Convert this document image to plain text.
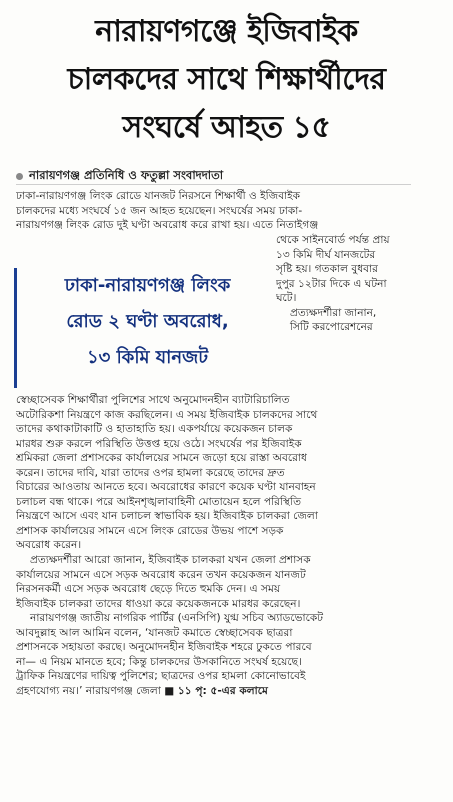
নারায়ণগঞ্জে ইজিবাইক
চালকদের সাথে শিক্ষার্থীদের
সংঘর্ষে আহত ১৫
নারায়ণগঞ্জ প্রতিনিধি ও ফতুল্লা সংবাদদাতা
ঢাকা-নারায়ণগঞ্জ লিংক রোডে যানজট নিরসনে শিক্ষার্থী ও ইজিবাইক
চালকদের মধ্যে সংঘর্ষে ১৫ জন আহত হয়েছেন। সংঘর্ষের সময় ঢাকা-
নারায়ণগঞ্জ লিংক রোড দুই ঘণ্টা অবরোধ করে রাখা হয়। এতে নিতাইগঞ্জ
ঢাকা-নারায়ণগঞ্জ লিংক
রোড ২ ঘণ্টা অবরোধ,
১৩ কিমি যানজট
থেকে সাইনবোর্ড পর্যন্ত প্রায়
১৩ কিমি দীর্ঘ যানজটের
সৃষ্টি হয়। গতকাল বুধবার
দুপুর ১২টার দিকে এ ঘটনা
ঘটে।
প্রত্যক্ষদর্শীরা জানান,
সিটি করপোরেশনের
স্বেচ্ছাসেবক শিক্ষার্থীরা পুলিশের সাথে অনুমোদনহীন ব্যাটারিচালিত
অটোরিকশা নিয়ন্ত্রণে কাজ করছিলেন। এ সময় ইজিবাইক চালকদের সাথে
তাদের কথাকাটাকাটি ও হাতাহাতি হয়। একপর্যায়ে কয়েকজন চালক
মারধর শুরু করলে পরিস্থিতি উত্তপ্ত হয়ে ওঠে। সংঘর্ষের পর ইজিবাইক
শ্রমিকরা জেলা প্রশাসকের কার্যালয়ের সামনে জড়ো হয়ে রাস্তা অবরোধ
করেন। তাদের দাবি, যারা তাদের ওপর হামলা করেছে তাদের দ্রুত
বিচারের আওতায় আনতে হবে। অবরোধের কারণে কয়েক ঘণ্টা যানবাহন
চলাচল বন্ধ থাকে। পরে আইনশৃঙ্খলাবাহিনী মোতায়েন হলে পরিস্থিতি
নিয়ন্ত্রণে আসে এবং যান চলাচল স্বাভাবিক হয়। ইজিবাইক চালকরা জেলা
প্রশাসক কার্যালয়ের সামনে এসে লিংক রোডের উভয় পাশে সড়ক
অবরোধ করেন।
প্রত্যক্ষদর্শীরা আরো জানান, ইজিবাইক চালকরা যখন জেলা প্রশাসক
কার্যালয়ের সামনে এসে সড়ক অবরোধ করেন তখন কয়েকজন যানজট
নিরসনকর্মী এসে সড়ক অবরোধ ছেড়ে দিতে হুমকি দেন। এ সময়
ইজিবাইক চালকরা তাদের ধাওয়া করে কয়েকজনকে মারধর করেছেন।
নারায়ণগঞ্জ জাতীয় নাগরিক পার্টির (এনসিপি) যুগ্ম সচিব অ্যাডভোকেট
আবদুল্লাহ আল আমিন বলেন, ‘যানজট কমাতে স্বেচ্ছাসেবক ছাত্ররা
প্রশাসনকে সহায়তা করছে। অনুমোদনহীন ইজিবাইক শহরে ঢুকতে পারবে
না— এ নিয়ম মানতে হবে; কিন্তু চালকদের উসকানিতে সংঘর্ষ হয়েছে।
ট্রাফিক নিয়ন্ত্রণের দায়িত্ব পুলিশের; ছাত্রদের ওপর হামলা কোনোভাবেই
গ্রহণযোগ্য নয়।’ নারায়ণগঞ্জ জেলা ■ ১১ পৃ: ৫-এর কলামে
